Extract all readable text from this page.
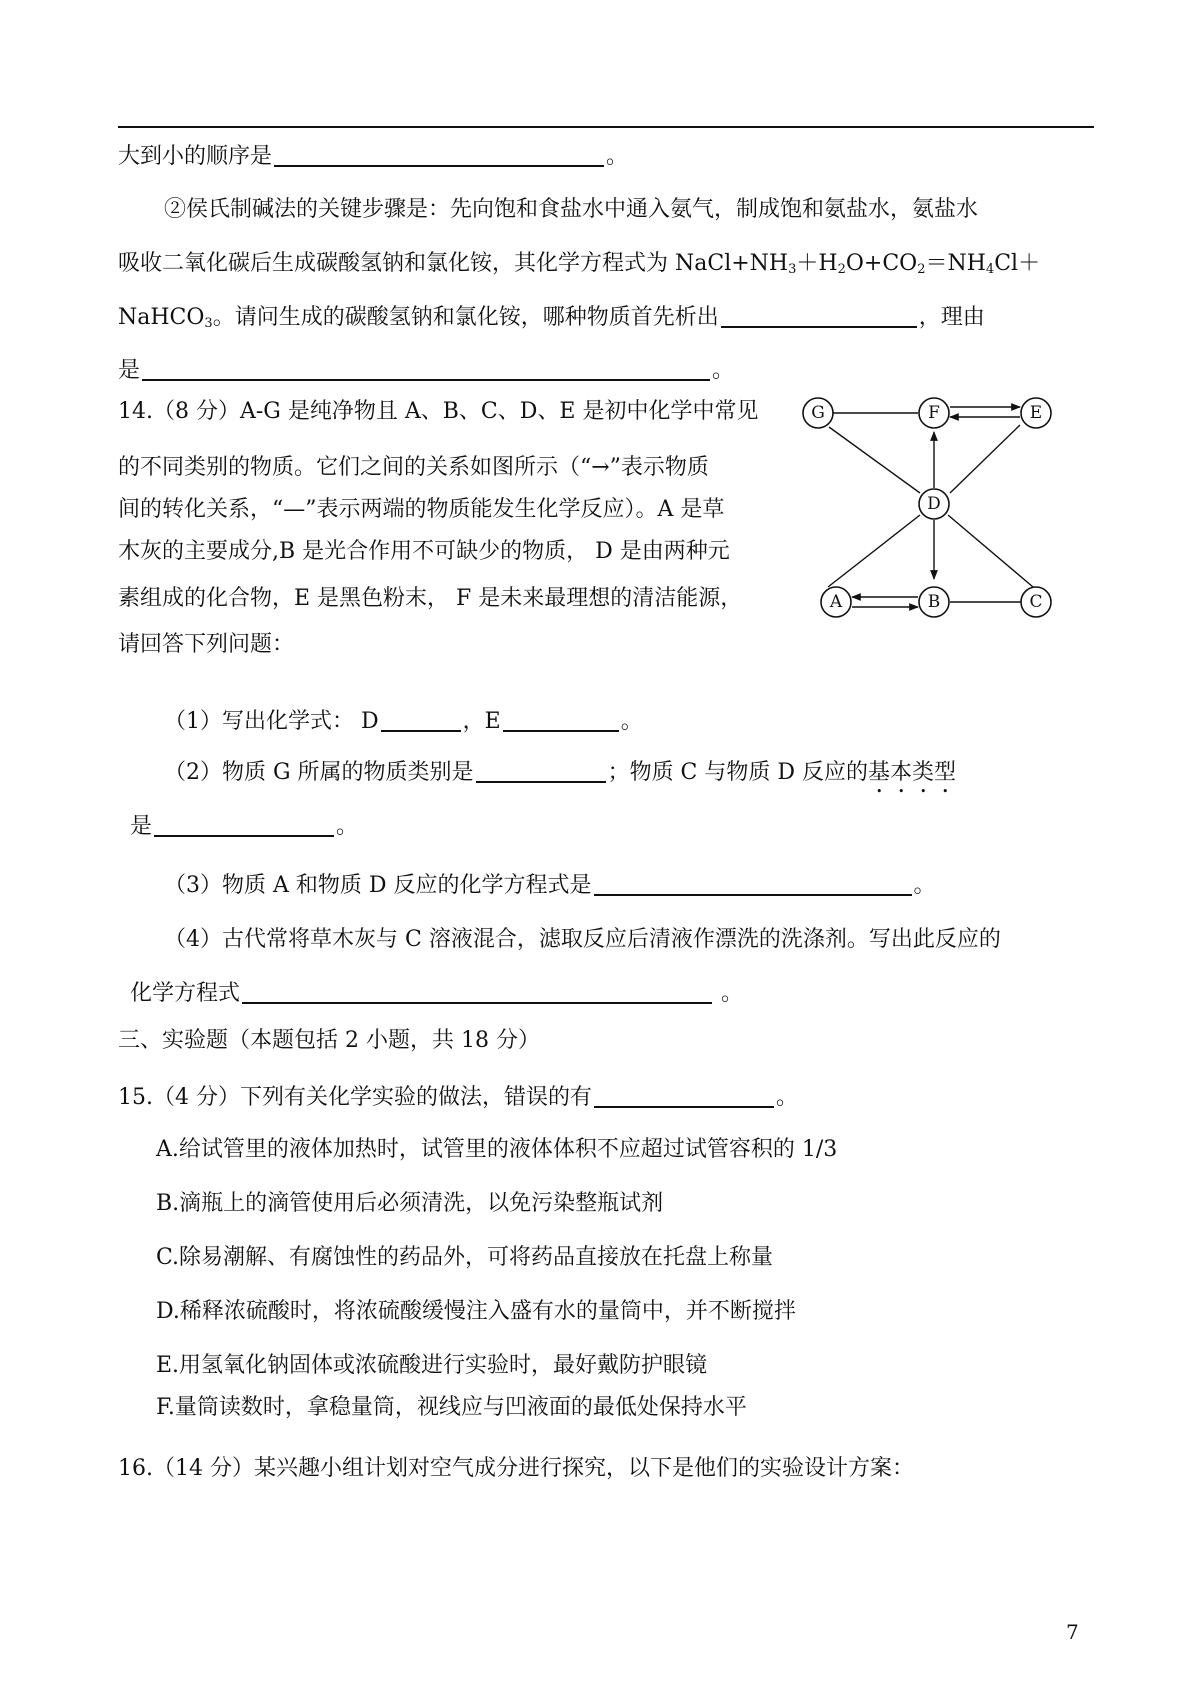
大到小的顺序是	。
②侯氏制碱法的关键步骤是：先向饱和食盐水中通入氨气，制成饱和氨盐水，氨盐水
吸收二氧化碳后生成碳酸氢钠和氯化铵，其化学方程式为 $NaCl+NH_3+H_2O+CO_2=NH_4Cl+$
NaHCO$_3$。请问生成的碳酸氢钠和氯化铵，哪种物质首先析出	，理由
是	。
14.（8 分）A-G 是纯净物且 A、B、C、D、E 是初中化学中常见
的不同类别的物质。它们之间的关系如图所示（“→”表示物质
间的转化关系，“—”表示两端的物质能发生化学反应）。A 是草
木灰的主要成分,B 是光合作用不可缺少的物质， D 是由两种元
素组成的化合物，E 是黑色粉末， F 是未来最理想的清洁能源，
请回答下列问题：
G	F	E
D
A	B	C
（1）写出化学式： D	，E	。
（2）物质 G 所属的物质类别是	；物质 C 与物质 D 反应的基本类型
是	。
（3）物质 A 和物质 D 反应的化学方程式是	。
（4）古代常将草木灰与 C 溶液混合，滤取反应后清液作漂洗的洗涤剂。写出此反应的
化学方程式	。
三、实验题（本题包括 2 小题，共 18 分）
15.（4 分）下列有关化学实验的做法，错误的有	。
A.给试管里的液体加热时，试管里的液体体积不应超过试管容积的 1/3
B.滴瓶上的滴管使用后必须清洗，以免污染整瓶试剂
C.除易潮解、有腐蚀性的药品外，可将药品直接放在托盘上称量
D.稀释浓硫酸时，将浓硫酸缓慢注入盛有水的量筒中，并不断搅拌
E.用氢氧化钠固体或浓硫酸进行实验时，最好戴防护眼镜
F.量筒读数时，拿稳量筒，视线应与凹液面的最低处保持水平
16.（14 分）某兴趣小组计划对空气成分进行探究，以下是他们的实验设计方案：
7
